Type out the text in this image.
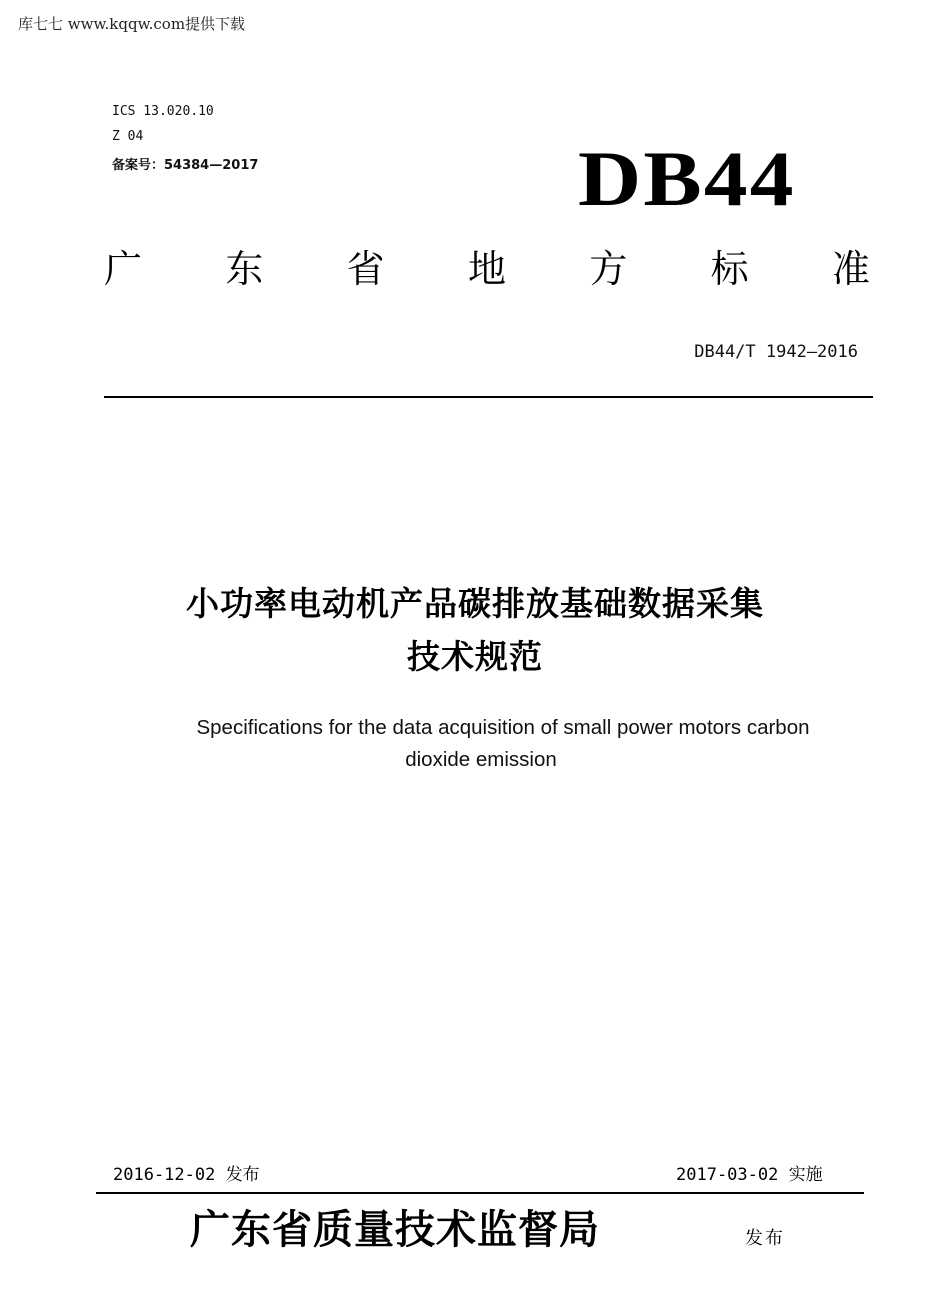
库七七 www.kqqw.com提供下载
ICS 13.020.10
Z 04
备案号：54384—2017	DB44
广 东 省 地 方 标 准
DB44/T 1942—2016
小功率电动机产品碳排放基础数据采集
技术规范
Specifications for the data acquisition of small power motors carbon
dioxide emission
2016-12-02 发布	2017-03-02 实施
广东省质量技术监督局	发布
